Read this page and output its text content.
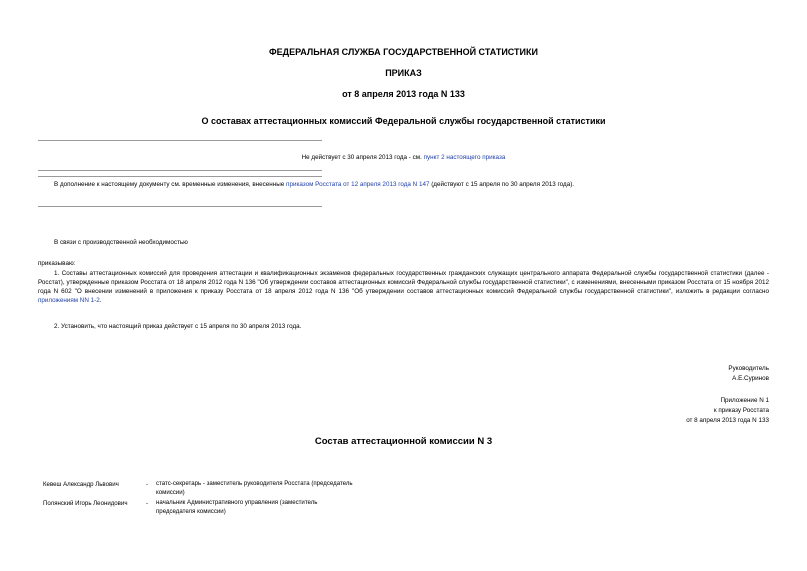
ФЕДЕРАЛЬНАЯ СЛУЖБА ГОСУДАРСТВЕННОЙ СТАТИСТИКИ
ПРИКАЗ
от 8 апреля 2013 года N 133
О составах аттестационных комиссий Федеральной службы государственной статистики
Не действует с 30 апреля 2013 года - см. пункт 2 настоящего приказа
В дополнение к настоящему документу см. временные изменения, внесенные приказом Росстата от 12 апреля 2013 года N 147 (действуют с 15 апреля по 30 апреля 2013 года).
В связи с производственной необходимостью
приказываю:
1. Составы аттестационных комиссий для проведения аттестации и квалификационных экзаменов федеральных государственных гражданских служащих центрального аппарата Федеральной службы государственной статистики (далее - Росстат), утвержденные приказом Росстата от 18 апреля 2012 года N 136 "Об утверждении составов аттестационных комиссий Федеральной службы государственной статистики", с изменениями, внесенными приказом Росстата от 15 ноября 2012 года N 602 "О внесении изменений в приложения к приказу Росстата от 18 апреля 2012 года N 136 "Об утверждении составов аттестационных комиссий Федеральной службы государственной статистики", изложить в редакции согласно приложениям NN 1-2.
2. Установить, что настоящий приказ действует с 15 апреля по 30 апреля 2013 года.
Руководитель
А.Е.Суринов
Приложение N 1
к приказу Росстата
от 8 апреля 2013 года N 133
Состав аттестационной комиссии N 3
Кевеш Александр Львович	- статс-секретарь - заместитель руководителя Росстата (председатель комиссии)
Полянский Игорь Леонидович	- начальник Административного управления (заместитель председателя комиссии)
